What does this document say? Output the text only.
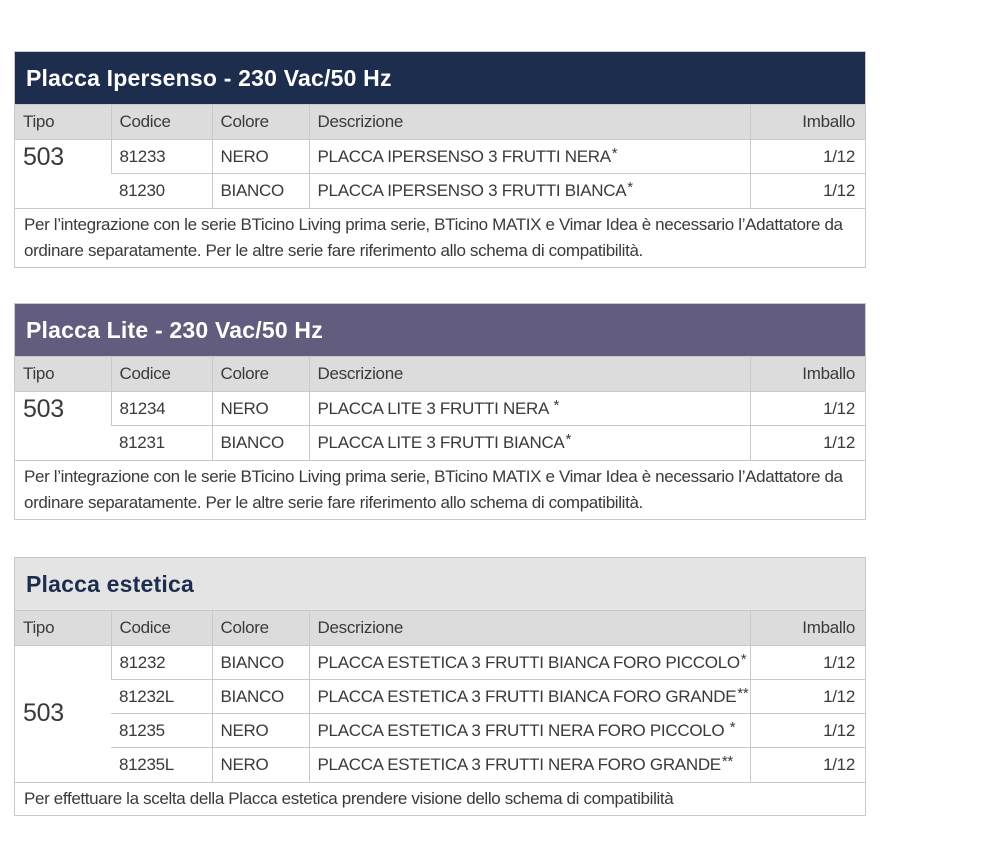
Placca Ipersenso - 230 Vac/50 Hz
Tipo	Codice	Colore	Descrizione	Imballo
503	81233	NERO	PLACCA IPERSENSO 3 FRUTTI NERA*	1/12
	81230	BIANCO	PLACCA IPERSENSO 3 FRUTTI BIANCA*	1/12
Per l’integrazione con le serie BTicino Living prima serie, BTicino MATIX e Vimar Idea è necessario l’Adattatore da ordinare separatamente. Per le altre serie fare riferimento allo schema di compatibilità.
Placca Lite - 230 Vac/50 Hz
Tipo	Codice	Colore	Descrizione	Imballo
503	81234	NERO	PLACCA LITE 3 FRUTTI NERA *	1/12
	81231	BIANCO	PLACCA LITE 3 FRUTTI BIANCA*	1/12
Per l’integrazione con le serie BTicino Living prima serie, BTicino MATIX e Vimar Idea è necessario l’Adattatore da ordinare separatamente. Per le altre serie fare riferimento allo schema di compatibilità.
Placca estetica
Tipo	Codice	Colore	Descrizione	Imballo
503	81232	BIANCO	PLACCA ESTETICA 3 FRUTTI BIANCA FORO PICCOLO*	1/12
	81232L	BIANCO	PLACCA ESTETICA 3 FRUTTI BIANCA FORO GRANDE**	1/12
	81235	NERO	PLACCA ESTETICA 3 FRUTTI NERA FORO PICCOLO *	1/12
	81235L	NERO	PLACCA ESTETICA 3 FRUTTI NERA FORO GRANDE**	1/12
Per effettuare la scelta della Placca estetica prendere visione dello schema di compatibilità
